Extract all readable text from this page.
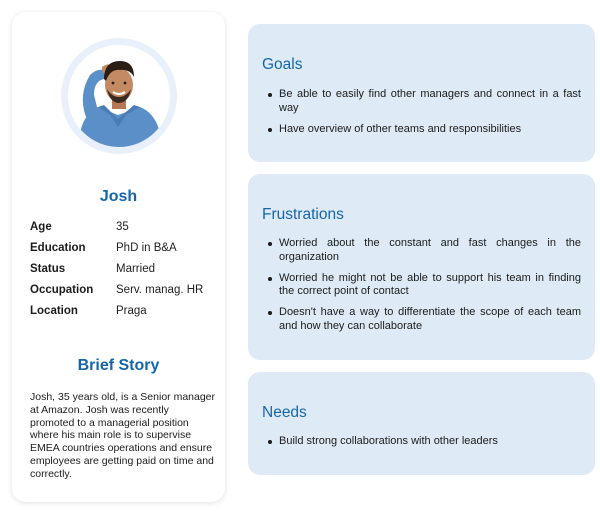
Josh
Age	35
Education	PhD in B&A
Status	Married
Occupation	Serv. manag. HR
Location	Praga
Brief Story
Josh, 35 years old, is a Senior manager at Amazon. Josh was recently promoted to a managerial position where his main role is to supervise EMEA countries operations and ensure employees are getting paid on time and correctly.
Goals
Be able to easily find other managers and connect in a fast way
Have overview of other teams and responsibilities
Frustrations
Worried about the constant and fast changes in the organization
Worried he might not be able to support his team in finding the correct point of contact
Doesn't have a way to differentiate the scope of each team and how they can collaborate
Needs
Build strong collaborations with other leaders
